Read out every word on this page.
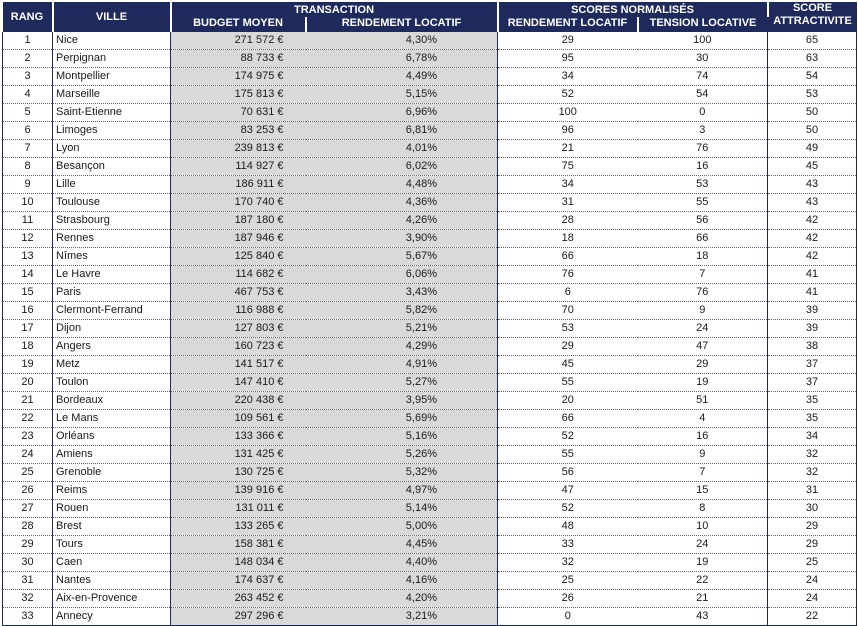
RANG	VILLE	TRANSACTION		SCORES NORMALISÉS		SCORE
ATTRACTIVITE

		BUDGET MOYEN	RENDEMENT LOCATIF	RENDEMENT LOCATIF	TENSION LOCATIVE	
1	Nice	271 572 €	4,30%	29	100	65
2	Perpignan	88 733 €	6,78%	95	30	63
3	Montpellier	174 975 €	4,49%	34	74	54
4	Marseille	175 813 €	5,15%	52	54	53
5	Saint-Etienne	70 631 €	6,96%	100	0	50
6	Limoges	83 253 €	6,81%	96	3	50
7	Lyon	239 813 €	4,01%	21	76	49
8	Besançon	114 927 €	6,02%	75	16	45
9	Lille	186 911 €	4,48%	34	53	43
10	Toulouse	170 740 €	4,36%	31	55	43
11	Strasbourg	187 180 €	4,26%	28	56	42
12	Rennes	187 946 €	3,90%	18	66	42
13	Nîmes	125 840 €	5,67%	66	18	42
14	Le Havre	114 682 €	6,06%	76	7	41
15	Paris	467 753 €	3,43%	6	76	41
16	Clermont-Ferrand	116 988 €	5,82%	70	9	39
17	Dijon	127 803 €	5,21%	53	24	39
18	Angers	160 723 €	4,29%	29	47	38
19	Metz	141 517 €	4,91%	45	29	37
20	Toulon	147 410 €	5,27%	55	19	37
21	Bordeaux	220 438 €	3,95%	20	51	35
22	Le Mans	109 561 €	5,69%	66	4	35
23	Orléans	133 366 €	5,16%	52	16	34
24	Amiens	131 425 €	5,26%	55	9	32
25	Grenoble	130 725 €	5,32%	56	7	32
26	Reims	139 916 €	4,97%	47	15	31
27	Rouen	131 011 €	5,14%	52	8	30
28	Brest	133 265 €	5,00%	48	10	29
29	Tours	158 381 €	4,45%	33	24	29
30	Caen	148 034 €	4,40%	32	19	25
31	Nantes	174 637 €	4,16%	25	22	24
32	Aix-en-Provence	263 452 €	4,20%	26	21	24
33	Annecy	297 296 €	3,21%	0	43	22
